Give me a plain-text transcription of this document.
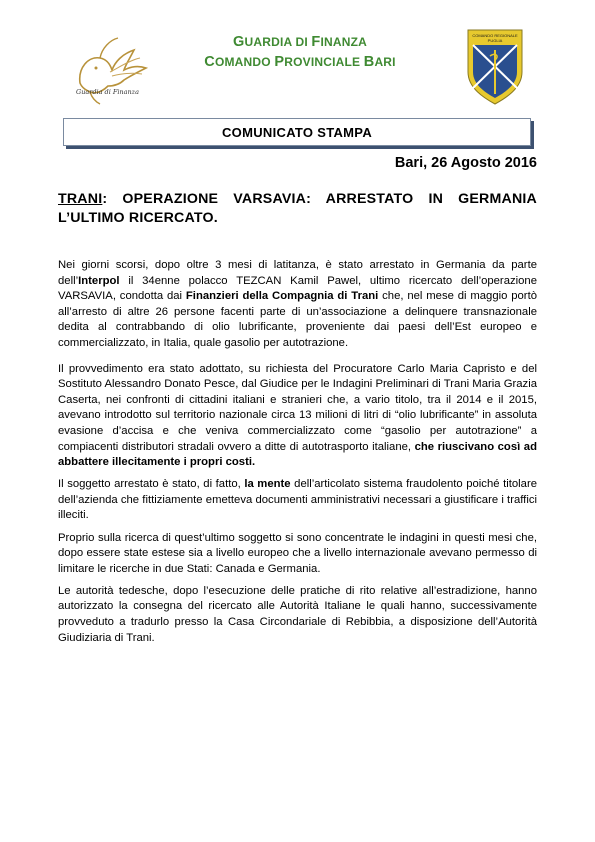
Guardia di Finanza
GUARDIA DI FINANZA
COMANDO PROVINCIALE BARI
COMANDO REGIONALE
PUGLIA
COMUNICATO STAMPA
Bari, 26 Agosto 2016
TRANI: OPERAZIONE VARSAVIA: ARRESTATO IN GERMANIA L’ULTIMO RICERCATO.

Nei giorni scorsi, dopo oltre 3 mesi di latitanza, è stato arrestato in Germania da parte dell’Interpol il 34enne polacco TEZCAN Kamil Pawel, ultimo ricercato dell’operazione VARSAVIA, condotta dai Finanzieri della Compagnia di Trani che, nel mese di maggio portò all’arresto di altre 26 persone facenti parte di un’associazione a delinquere transnazionale dedita al contrabbando di olio lubrificante, proveniente dai paesi dell’Est europeo e commercializzato, in Italia, quale gasolio per autotrazione.

Il provvedimento era stato adottato, su richiesta del Procuratore Carlo Maria Capristo e del Sostituto Alessandro Donato Pesce, dal Giudice per le Indagini Preliminari di Trani Maria Grazia Caserta, nei confronti di cittadini italiani e stranieri che, a vario titolo, tra il 2014 e il 2015, avevano introdotto sul territorio nazionale circa 13 milioni di litri di “olio lubrificante” in assoluta evasione d’accisa e che veniva commercializzato come “gasolio per autotrazione” a compiacenti distributori stradali ovvero a ditte di autotrasporto italiane, che riuscivano così ad abbattere illecitamente i propri costi.

Il soggetto arrestato è stato, di fatto, la mente dell’articolato sistema fraudolento poiché titolare dell’azienda che fittiziamente emetteva documenti amministrativi necessari a giustificare i traffici illeciti.

Proprio sulla ricerca di quest’ultimo soggetto si sono concentrate le indagini in questi mesi che, dopo essere state estese sia a livello europeo che a livello internazionale avevano permesso di limitare le ricerche in due Stati: Canada e Germania.

Le autorità tedesche, dopo l’esecuzione delle pratiche di rito relative all’estradizione, hanno autorizzato la consegna del ricercato alle Autorità Italiane le quali hanno, successivamente provveduto a tradurlo presso la Casa Circondariale di Rebibbia, a disposizione dell’Autorità Giudiziaria di Trani.
